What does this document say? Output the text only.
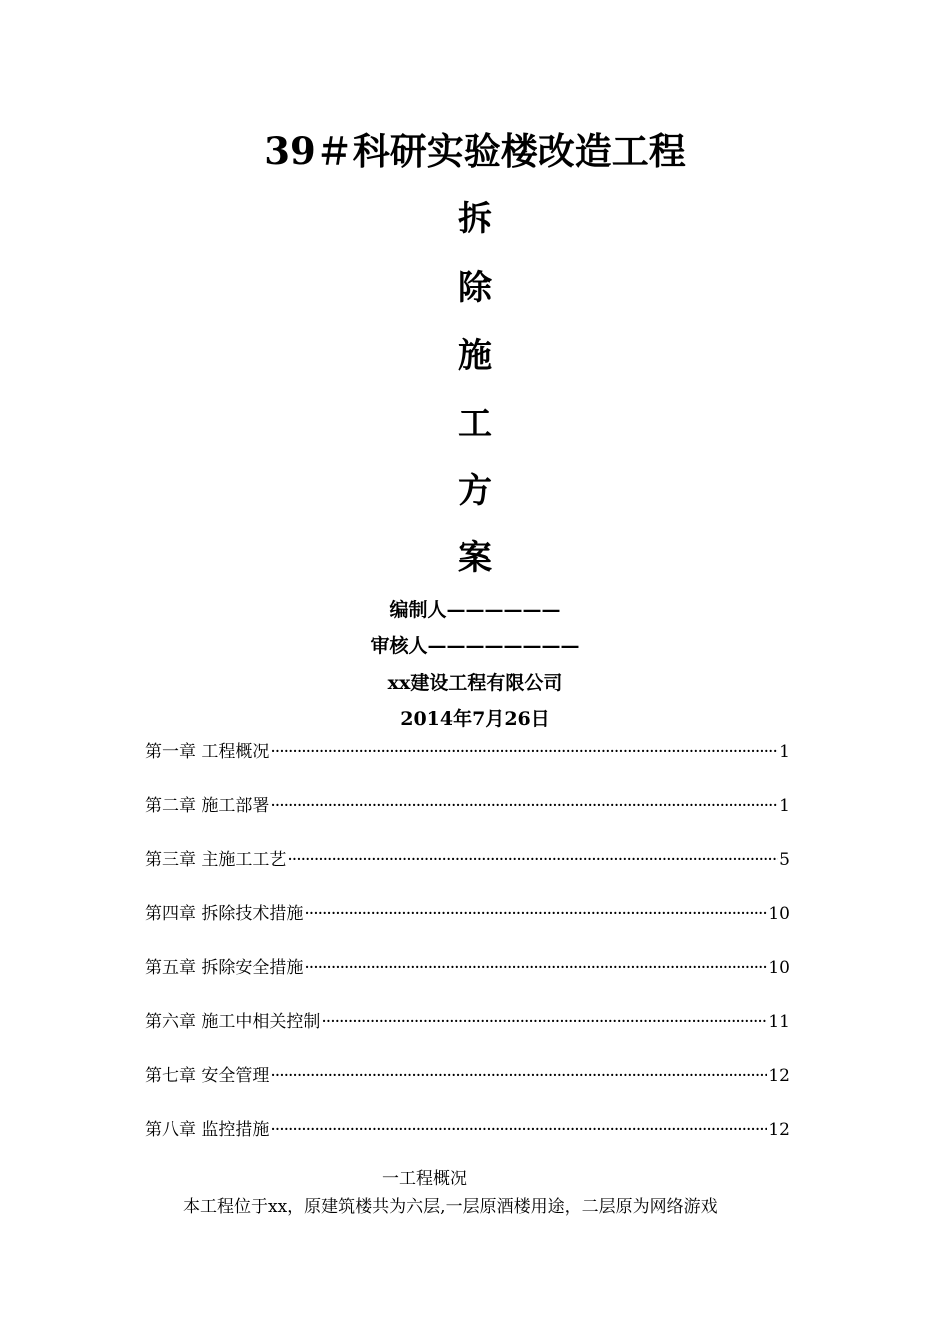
39＃科研实验楼改造工程
拆
除
施
工
方
案
编制人——————
审核人————————
xx建设工程有限公司
2014年7月26日
第一章 工程概况 ·····	1
第二章 施工部署 ·····	1
第三章 主施工工艺 ·····	5
第四章 拆除技术措施 ·····	10
第五章 拆除安全措施 ·····	10
第六章 施工中相关控制 ·····	11
第七章 安全管理 ·····	12
第八章 监控措施 ·····	12
一工程概况
本工程位于xx，原建筑楼共为六层,一层原酒楼用途，二层原为网络游戏
